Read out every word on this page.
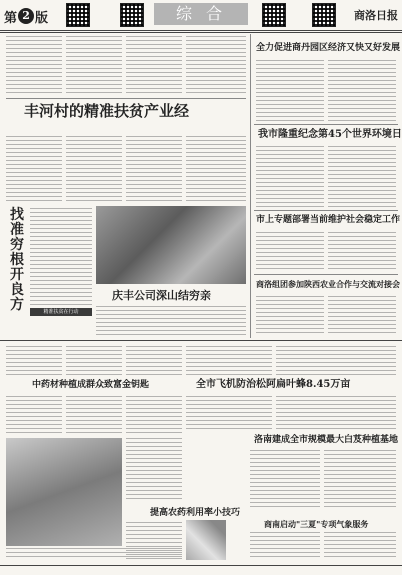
第 2 版	综合	商洛日报
丰河村的精准扶贫产业经
找准穷根开良方	精准扶贫在行动
庆丰公司深山结穷亲
全力促进商丹园区经济又快又好发展
我市隆重纪念第45个世界环境日
市上专题部署当前维护社会稳定工作
商洛组团参加陕西农业合作与交流对接会
全市飞机防治松阿扁叶蜂8.45万亩
中药材种植成群众致富金钥匙
洛南建成全市规模最大白芨种植基地
提高农药利用率小技巧
商南启动"三夏"专项气象服务
